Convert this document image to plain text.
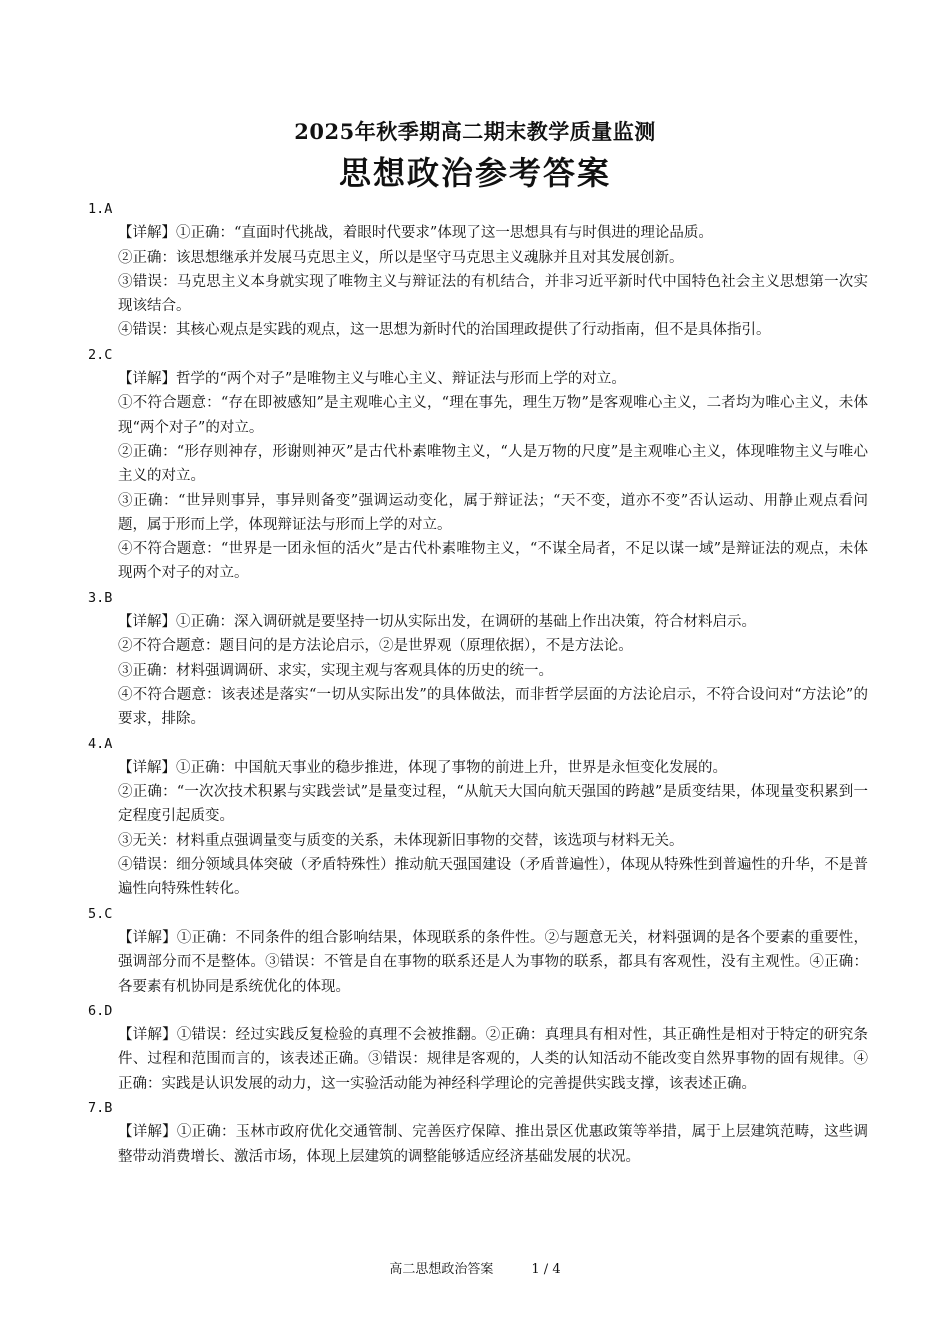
2025年秋季期高二期末教学质量监测
思想政治参考答案
1.A
【详解】①正确：“直面时代挑战，着眼时代要求”体现了这一思想具有与时俱进的理论品质。
②正确：该思想继承并发展马克思主义，所以是坚守马克思主义魂脉并且对其发展创新。
③错误：马克思主义本身就实现了唯物主义与辩证法的有机结合，并非习近平新时代中国特色社会主义思想第一次实现该结合。
④错误：其核心观点是实践的观点，这一思想为新时代的治国理政提供了行动指南，但不是具体指引。
2.C
【详解】哲学的“两个对子”是唯物主义与唯心主义、辩证法与形而上学的对立。
①不符合题意：“存在即被感知”是主观唯心主义，“理在事先，理生万物”是客观唯心主义，二者均为唯心主义，未体现“两个对子”的对立。
②正确：“形存则神存，形谢则神灭”是古代朴素唯物主义，“人是万物的尺度”是主观唯心主义，体现唯物主义与唯心主义的对立。
③正确：“世异则事异，事异则备变”强调运动变化，属于辩证法；“天不变，道亦不变”否认运动、用静止观点看问题，属于形而上学，体现辩证法与形而上学的对立。
④不符合题意：“世界是一团永恒的活火”是古代朴素唯物主义，“不谋全局者，不足以谋一域”是辩证法的观点，未体现两个对子的对立。
3.B
【详解】①正确：深入调研就是要坚持一切从实际出发，在调研的基础上作出决策，符合材料启示。
②不符合题意：题目问的是方法论启示，②是世界观（原理依据），不是方法论。
③正确：材料强调调研、求实，实现主观与客观具体的历史的统一。
④不符合题意：该表述是落实“一切从实际出发”的具体做法，而非哲学层面的方法论启示，不符合设问对“方法论”的要求，排除。
4.A
【详解】①正确：中国航天事业的稳步推进，体现了事物的前进上升，世界是永恒变化发展的。
②正确：“一次次技术积累与实践尝试”是量变过程，“从航天大国向航天强国的跨越”是质变结果，体现量变积累到一定程度引起质变。
③无关：材料重点强调量变与质变的关系，未体现新旧事物的交替，该选项与材料无关。
④错误：细分领域具体突破（矛盾特殊性）推动航天强国建设（矛盾普遍性），体现从特殊性到普遍性的升华，不是普遍性向特殊性转化。
5.C
【详解】①正确：不同条件的组合影响结果，体现联系的条件性。②与题意无关，材料强调的是各个要素的重要性，强调部分而不是整体。③错误：不管是自在事物的联系还是人为事物的联系，都具有客观性，没有主观性。④正确：各要素有机协同是系统优化的体现。
6.D
【详解】①错误：经过实践反复检验的真理不会被推翻。②正确：真理具有相对性，其正确性是相对于特定的研究条件、过程和范围而言的，该表述正确。③错误：规律是客观的，人类的认知活动不能改变自然界事物的固有规律。④正确：实践是认识发展的动力，这一实验活动能为神经科学理论的完善提供实践支撑，该表述正确。
7.B
【详解】①正确：玉林市政府优化交通管制、完善医疗保障、推出景区优惠政策等举措，属于上层建筑范畴，这些调整带动消费增长、激活市场，体现上层建筑的调整能够适应经济基础发展的状况。
高二思想政治答案	1 / 4
